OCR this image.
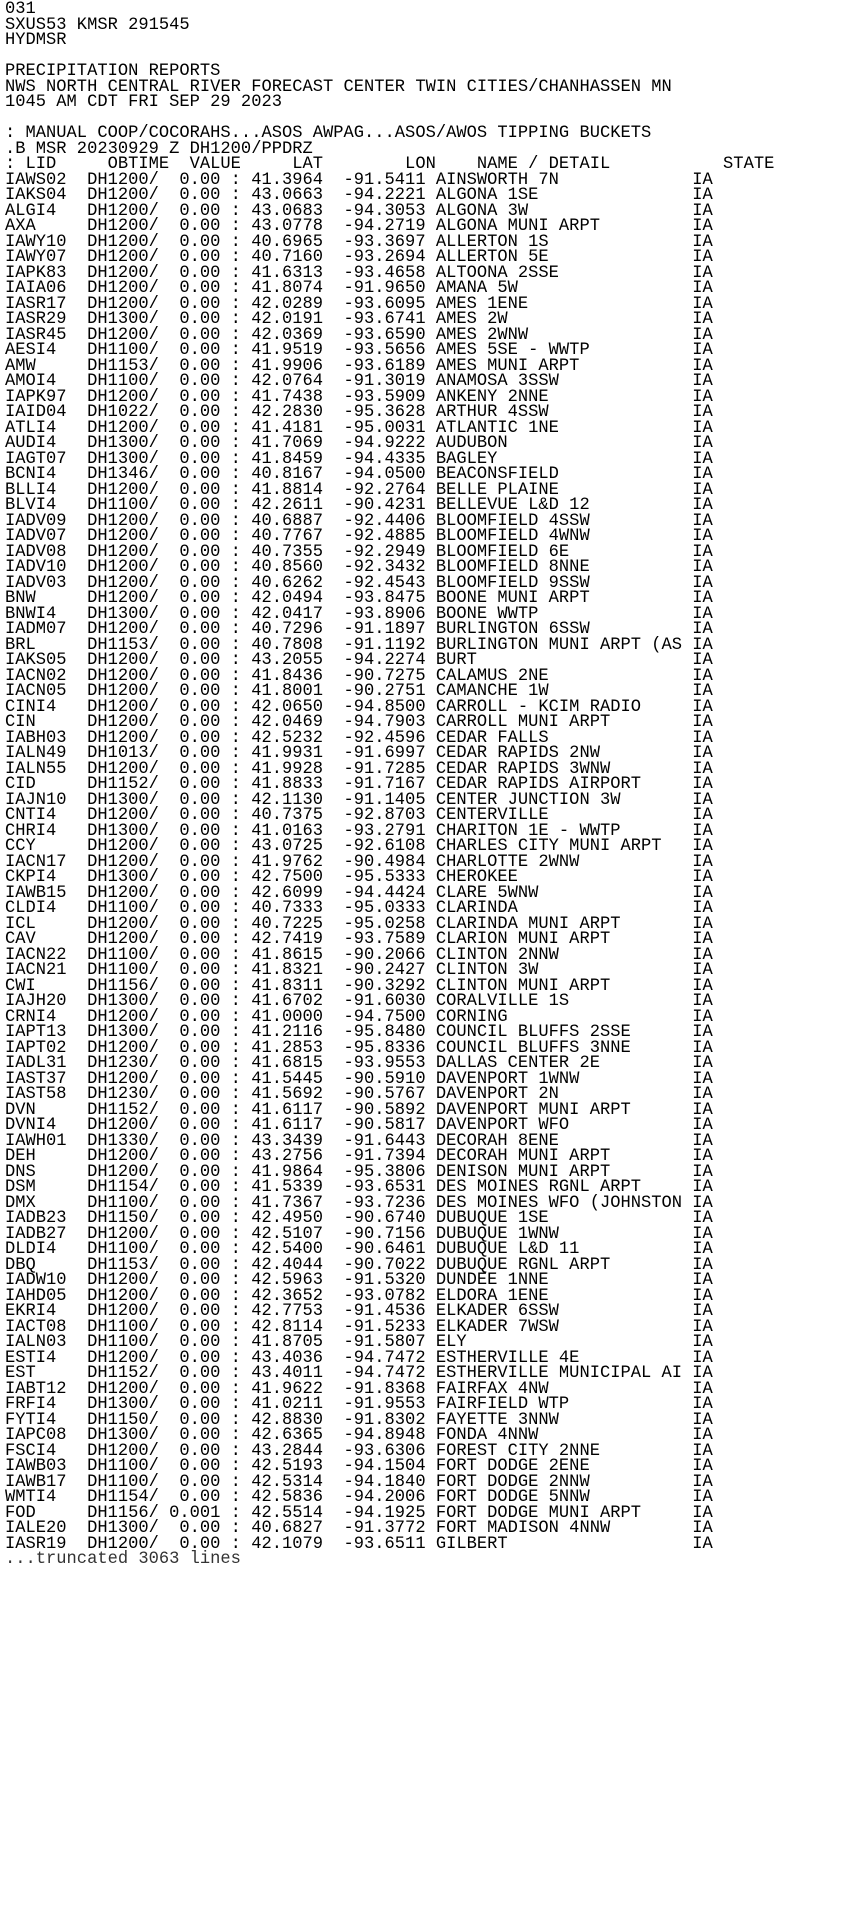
031
SXUS53 KMSR 291545
HYDMSR

PRECIPITATION REPORTS
NWS NORTH CENTRAL RIVER FORECAST CENTER TWIN CITIES/CHANHASSEN MN
1045 AM CDT FRI SEP 29 2023

: MANUAL COOP/COCORAHS...ASOS AWPAG...ASOS/AWOS TIPPING BUCKETS
.B MSR 20230929 Z DH1200/PPDRZ
: LID     OBTIME  VALUE     LAT        LON    NAME / DETAIL           STATE
IAWS02  DH1200/  0.00 : 41.3964  -91.5411 AINSWORTH 7N             IA
IAKS04  DH1200/  0.00 : 43.0663  -94.2221 ALGONA 1SE               IA
ALGI4   DH1200/  0.00 : 43.0683  -94.3053 ALGONA 3W                IA
AXA     DH1200/  0.00 : 43.0778  -94.2719 ALGONA MUNI ARPT         IA
IAWY10  DH1200/  0.00 : 40.6965  -93.3697 ALLERTON 1S              IA
IAWY07  DH1200/  0.00 : 40.7160  -93.2694 ALLERTON 5E              IA
IAPK83  DH1200/  0.00 : 41.6313  -93.4658 ALTOONA 2SSE             IA
IAIA06  DH1200/  0.00 : 41.8074  -91.9650 AMANA 5W                 IA
IASR17  DH1200/  0.00 : 42.0289  -93.6095 AMES 1ENE                IA
IASR29  DH1300/  0.00 : 42.0191  -93.6741 AMES 2W                  IA
IASR45  DH1200/  0.00 : 42.0369  -93.6590 AMES 2WNW                IA
AESI4   DH1100/  0.00 : 41.9519  -93.5656 AMES 5SE - WWTP          IA
AMW     DH1153/  0.00 : 41.9906  -93.6189 AMES MUNI ARPT           IA
AMOI4   DH1100/  0.00 : 42.0764  -91.3019 ANAMOSA 3SSW             IA
IAPK97  DH1200/  0.00 : 41.7438  -93.5909 ANKENY 2NNE              IA
IAID04  DH1022/  0.00 : 42.2830  -95.3628 ARTHUR 4SSW              IA
ATLI4   DH1200/  0.00 : 41.4181  -95.0031 ATLANTIC 1NE             IA
AUDI4   DH1300/  0.00 : 41.7069  -94.9222 AUDUBON                  IA
IAGT07  DH1300/  0.00 : 41.8459  -94.4335 BAGLEY                   IA
BCNI4   DH1346/  0.00 : 40.8167  -94.0500 BEACONSFIELD             IA
BLLI4   DH1200/  0.00 : 41.8814  -92.2764 BELLE PLAINE             IA
BLVI4   DH1100/  0.00 : 42.2611  -90.4231 BELLEVUE L&D 12          IA
IADV09  DH1200/  0.00 : 40.6887  -92.4406 BLOOMFIELD 4SSW          IA
IADV07  DH1200/  0.00 : 40.7767  -92.4885 BLOOMFIELD 4WNW          IA
IADV08  DH1200/  0.00 : 40.7355  -92.2949 BLOOMFIELD 6E            IA
IADV10  DH1200/  0.00 : 40.8560  -92.3432 BLOOMFIELD 8NNE          IA
IADV03  DH1200/  0.00 : 40.6262  -92.4543 BLOOMFIELD 9SSW          IA
BNW     DH1200/  0.00 : 42.0494  -93.8475 BOONE MUNI ARPT          IA
BNWI4   DH1300/  0.00 : 42.0417  -93.8906 BOONE WWTP               IA
IADM07  DH1200/  0.00 : 40.7296  -91.1897 BURLINGTON 6SSW          IA
BRL     DH1153/  0.00 : 40.7808  -91.1192 BURLINGTON MUNI ARPT (AS IA
IAKS05  DH1200/  0.00 : 43.2055  -94.2274 BURT                     IA
IACN02  DH1200/  0.00 : 41.8436  -90.7275 CALAMUS 2NE              IA
IACN05  DH1200/  0.00 : 41.8001  -90.2751 CAMANCHE 1W              IA
CINI4   DH1200/  0.00 : 42.0650  -94.8500 CARROLL - KCIM RADIO     IA
CIN     DH1200/  0.00 : 42.0469  -94.7903 CARROLL MUNI ARPT        IA
IABH03  DH1200/  0.00 : 42.5232  -92.4596 CEDAR FALLS              IA
IALN49  DH1013/  0.00 : 41.9931  -91.6997 CEDAR RAPIDS 2NW         IA
IALN55  DH1200/  0.00 : 41.9928  -91.7285 CEDAR RAPIDS 3WNW        IA
CID     DH1152/  0.00 : 41.8833  -91.7167 CEDAR RAPIDS AIRPORT     IA
IAJN10  DH1300/  0.00 : 42.1130  -91.1405 CENTER JUNCTION 3W       IA
CNTI4   DH1200/  0.00 : 40.7375  -92.8703 CENTERVILLE              IA
CHRI4   DH1300/  0.00 : 41.0163  -93.2791 CHARITON 1E - WWTP       IA
CCY     DH1200/  0.00 : 43.0725  -92.6108 CHARLES CITY MUNI ARPT   IA
IACN17  DH1200/  0.00 : 41.9762  -90.4984 CHARLOTTE 2WNW           IA
CKPI4   DH1300/  0.00 : 42.7500  -95.5333 CHEROKEE                 IA
IAWB15  DH1200/  0.00 : 42.6099  -94.4424 CLARE 5WNW               IA
CLDI4   DH1100/  0.00 : 40.7333  -95.0333 CLARINDA                 IA
ICL     DH1200/  0.00 : 40.7225  -95.0258 CLARINDA MUNI ARPT       IA
CAV     DH1200/  0.00 : 42.7419  -93.7589 CLARION MUNI ARPT        IA
IACN22  DH1100/  0.00 : 41.8615  -90.2066 CLINTON 2NNW             IA
IACN21  DH1100/  0.00 : 41.8321  -90.2427 CLINTON 3W               IA
CWI     DH1156/  0.00 : 41.8311  -90.3292 CLINTON MUNI ARPT        IA
IAJH20  DH1300/  0.00 : 41.6702  -91.6030 CORALVILLE 1S            IA
CRNI4   DH1200/  0.00 : 41.0000  -94.7500 CORNING                  IA
IAPT13  DH1300/  0.00 : 41.2116  -95.8480 COUNCIL BLUFFS 2SSE      IA
IAPT02  DH1200/  0.00 : 41.2853  -95.8336 COUNCIL BLUFFS 3NNE      IA
IADL31  DH1230/  0.00 : 41.6815  -93.9553 DALLAS CENTER 2E         IA
IAST37  DH1200/  0.00 : 41.5445  -90.5910 DAVENPORT 1WNW           IA
IAST58  DH1230/  0.00 : 41.5692  -90.5767 DAVENPORT 2N             IA
DVN     DH1152/  0.00 : 41.6117  -90.5892 DAVENPORT MUNI ARPT      IA
DVNI4   DH1200/  0.00 : 41.6117  -90.5817 DAVENPORT WFO            IA
IAWH01  DH1330/  0.00 : 43.3439  -91.6443 DECORAH 8ENE             IA
DEH     DH1200/  0.00 : 43.2756  -91.7394 DECORAH MUNI ARPT        IA
DNS     DH1200/  0.00 : 41.9864  -95.3806 DENISON MUNI ARPT        IA
DSM     DH1154/  0.00 : 41.5339  -93.6531 DES MOINES RGNL ARPT     IA
DMX     DH1100/  0.00 : 41.7367  -93.7236 DES MOINES WFO (JOHNSTON IA
IADB23  DH1150/  0.00 : 42.4950  -90.6740 DUBUQUE 1SE              IA
IADB27  DH1200/  0.00 : 42.5107  -90.7156 DUBUQUE 1WNW             IA
DLDI4   DH1100/  0.00 : 42.5400  -90.6461 DUBUQUE L&D 11           IA
DBQ     DH1153/  0.00 : 42.4044  -90.7022 DUBUQUE RGNL ARPT        IA
IADW10  DH1200/  0.00 : 42.5963  -91.5320 DUNDEE 1NNE              IA
IAHD05  DH1200/  0.00 : 42.3652  -93.0782 ELDORA 1ENE              IA
EKRI4   DH1200/  0.00 : 42.7753  -91.4536 ELKADER 6SSW             IA
IACT08  DH1100/  0.00 : 42.8114  -91.5233 ELKADER 7WSW             IA
IALN03  DH1100/  0.00 : 41.8705  -91.5807 ELY                      IA
ESTI4   DH1200/  0.00 : 43.4036  -94.7472 ESTHERVILLE 4E           IA
EST     DH1152/  0.00 : 43.4011  -94.7472 ESTHERVILLE MUNICIPAL AI IA
IABT12  DH1200/  0.00 : 41.9622  -91.8368 FAIRFAX 4NW              IA
FRFI4   DH1300/  0.00 : 41.0211  -91.9553 FAIRFIELD WTP            IA
FYTI4   DH1150/  0.00 : 42.8830  -91.8302 FAYETTE 3NNW             IA
IAPC08  DH1300/  0.00 : 42.6365  -94.8948 FONDA 4NNW               IA
FSCI4   DH1200/  0.00 : 43.2844  -93.6306 FOREST CITY 2NNE         IA
IAWB03  DH1100/  0.00 : 42.5193  -94.1504 FORT DODGE 2ENE          IA
IAWB17  DH1100/  0.00 : 42.5314  -94.1840 FORT DODGE 2NNW          IA
WMTI4   DH1154/  0.00 : 42.5836  -94.2006 FORT DODGE 5NNW          IA
FOD     DH1156/ 0.001 : 42.5514  -94.1925 FORT DODGE MUNI ARPT     IA
IALE20  DH1300/  0.00 : 40.6827  -91.3772 FORT MADISON 4NNW        IA
IASR19  DH1200/  0.00 : 42.1079  -93.6511 GILBERT                  IA
...truncated 3063 lines
